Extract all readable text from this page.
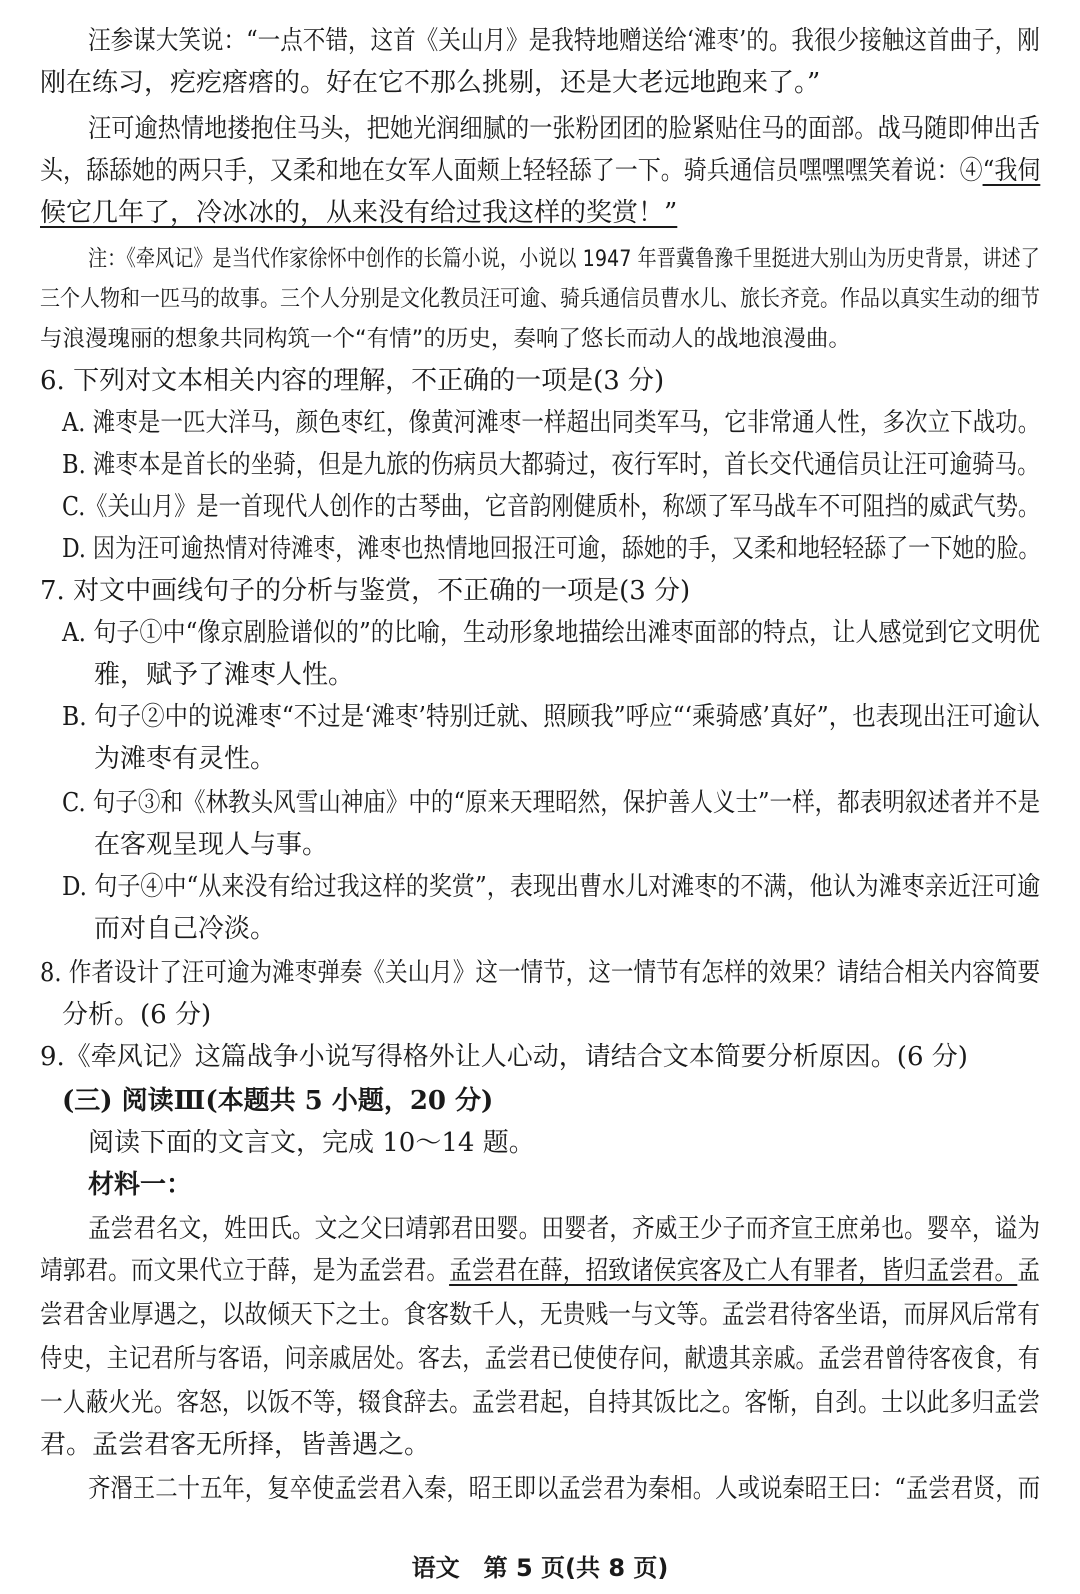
汪参谋大笑说：“一点不错，这首《关山月》是我特地赠送给‘滩枣’的。我很少接触这首曲子，刚
刚在练习，疙疙瘩瘩的。好在它不那么挑剔，还是大老远地跑来了。”
汪可逾热情地搂抱住马头，把她光润细腻的一张粉团团的脸紧贴住马的面部。战马随即伸出舌
头，舔舔她的两只手，又柔和地在女军人面颊上轻轻舔了一下。骑兵通信员嘿嘿嘿笑着说：④“我伺
候它几年了，冷冰冰的，从来没有给过我这样的奖赏！”
注：《牵风记》是当代作家徐怀中创作的长篇小说，小说以 1947 年晋冀鲁豫千里挺进大别山为历史背景，讲述了
三个人物和一匹马的故事。三个人分别是文化教员汪可逾、骑兵通信员曹水儿、旅长齐竞。作品以真实生动的细节
与浪漫瑰丽的想象共同构筑一个“有情”的历史，奏响了悠长而动人的战地浪漫曲。
6. 下列对文本相关内容的理解，不正确的一项是(3 分)
A. 滩枣是一匹大洋马，颜色枣红，像黄河滩枣一样超出同类军马，它非常通人性，多次立下战功。
B. 滩枣本是首长的坐骑，但是九旅的伤病员大都骑过，夜行军时，首长交代通信员让汪可逾骑马。
C.《关山月》是一首现代人创作的古琴曲，它音韵刚健质朴，称颂了军马战车不可阻挡的威武气势。
D. 因为汪可逾热情对待滩枣，滩枣也热情地回报汪可逾，舔她的手，又柔和地轻轻舔了一下她的脸。
7. 对文中画线句子的分析与鉴赏，不正确的一项是(3 分)
A. 句子①中“像京剧脸谱似的”的比喻，生动形象地描绘出滩枣面部的特点，让人感觉到它文明优
雅，赋予了滩枣人性。
B. 句子②中的说滩枣“不过是‘滩枣’特别迁就、照顾我”呼应“‘乘骑感’真好”，也表现出汪可逾认
为滩枣有灵性。
C. 句子③和《林教头风雪山神庙》中的“原来天理昭然，保护善人义士”一样，都表明叙述者并不是
在客观呈现人与事。
D. 句子④中“从来没有给过我这样的奖赏”，表现出曹水儿对滩枣的不满，他认为滩枣亲近汪可逾
而对自己冷淡。
8. 作者设计了汪可逾为滩枣弹奏《关山月》这一情节，这一情节有怎样的效果？请结合相关内容简要
分析。(6 分)
9.《牵风记》这篇战争小说写得格外让人心动，请结合文本简要分析原因。(6 分)
(三) 阅读Ⅲ(本题共 5 小题，20 分)
阅读下面的文言文，完成 10～14 题。
材料一：
孟尝君名文，姓田氏。文之父曰靖郭君田婴。田婴者，齐威王少子而齐宣王庶弟也。婴卒，谥为
靖郭君。而文果代立于薛，是为孟尝君。孟尝君在薛，招致诸侯宾客及亡人有罪者，皆归孟尝君。孟
尝君舍业厚遇之，以故倾天下之士。食客数千人，无贵贱一与文等。孟尝君待客坐语，而屏风后常有
侍史，主记君所与客语，问亲戚居处。客去，孟尝君已使使存问，献遗其亲戚。孟尝君曾待客夜食，有
一人蔽火光。客怒，以饭不等，辍食辞去。孟尝君起，自持其饭比之。客惭，自刭。士以此多归孟尝
君。孟尝君客无所择，皆善遇之。
齐湣王二十五年，复卒使孟尝君入秦，昭王即以孟尝君为秦相。人或说秦昭王曰：“孟尝君贤，而
语文　第 5 页(共 8 页)
